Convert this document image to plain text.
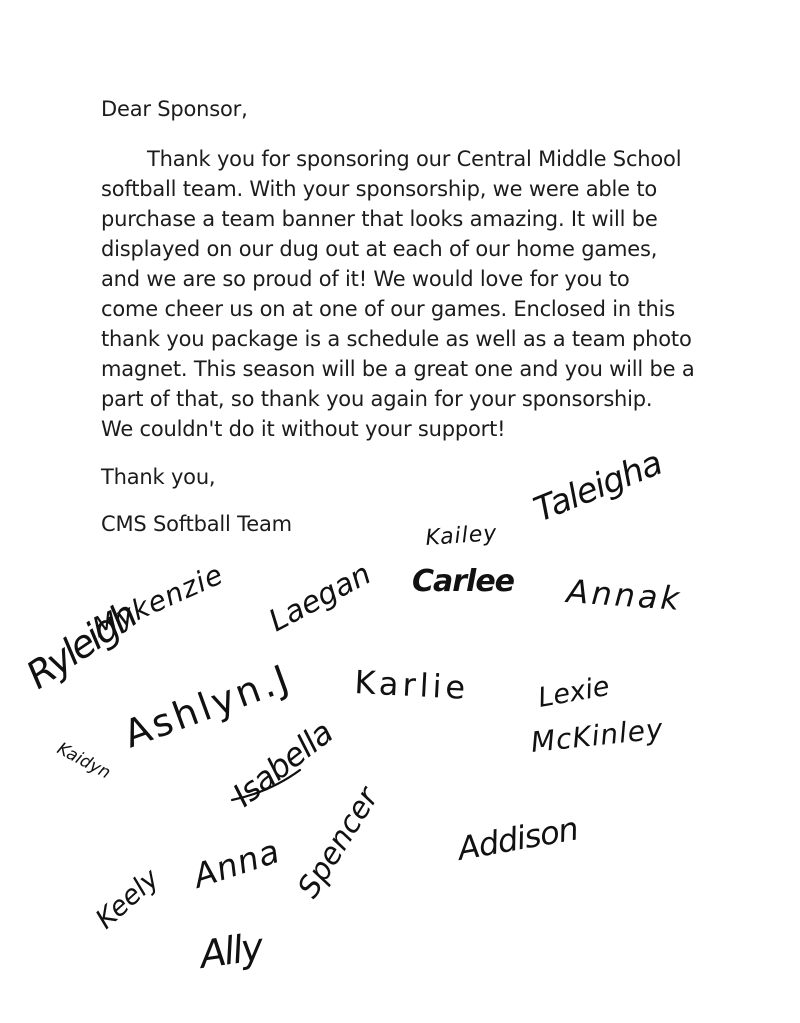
Dear Sponsor,
Thank you for sponsoring our Central Middle School
softball team. With your sponsorship, we were able to
purchase a team banner that looks amazing. It will be
displayed on our dug out at each of our home games,
and we are so proud of it! We would love for you to
come cheer us on at one of our games. Enclosed in this
thank you package is a schedule as well as a team photo
magnet. This season will be a great one and you will be a
part of that, so thank you again for your sponsorship.
We couldn't do it without your support!
Thank you,
CMS Softball Team	Kailey
Taleigha
Carlee Annak
Mykenzie
Ryleigh	Laegan
Karlie Lexie
McKinley
Ashlyn.J
Isabella
Kaidyn
Addison
Spencer
Anna
Keely
Ally
